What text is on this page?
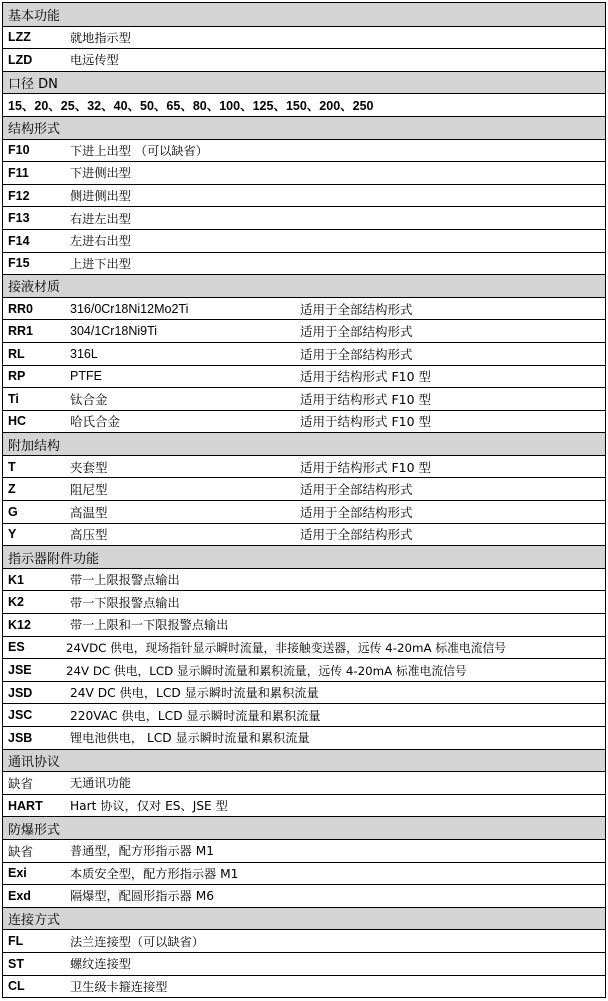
基本功能
LZZ	就地指示型
LZD	电远传型
口径 DN
15、20、25、32、40、50、65、80、100、125、150、200、250
结构形式
F10	下进上出型 （可以缺省）
F11	下进侧出型
F12	侧进侧出型
F13	右进左出型
F14	左进右出型
F15	上进下出型
接液材质
RR0	316/0Cr18Ni12Mo2Ti	适用于全部结构形式
RR1	304/1Cr18Ni9Ti	适用于全部结构形式
RL	316L	适用于全部结构形式
RP	PTFE	适用于结构形式 F10 型
Ti	钛合金	适用于结构形式 F10 型
HC	哈氏合金	适用于结构形式 F10 型
附加结构
T	夹套型	适用于结构形式 F10 型
Z	阻尼型	适用于全部结构形式
G	高温型	适用于全部结构形式
Y	高压型	适用于全部结构形式
指示器附件功能
K1	带一上限报警点输出
K2	带一下限报警点输出
K12	带一上限和一下限报警点输出
ES	24VDC 供电，现场指针显示瞬时流量，非接触变送器，远传 4-20mA 标准电流信号
JSE	24V DC 供电，LCD 显示瞬时流量和累积流量，远传 4-20mA 标准电流信号
JSD	24V DC 供电，LCD 显示瞬时流量和累积流量
JSC	220VAC 供电，LCD 显示瞬时流量和累积流量
JSB	锂电池供电， LCD 显示瞬时流量和累积流量
通讯协议
缺省	无通讯功能
HART	Hart 协议，仅对 ES、JSE 型
防爆形式
缺省	普通型，配方形指示器 M1
Exi	本质安全型，配方形指示器 M1
Exd	隔爆型，配圆形指示器 M6
连接方式
FL	法兰连接型（可以缺省）
ST	螺纹连接型
CL	卫生级卡箍连接型
